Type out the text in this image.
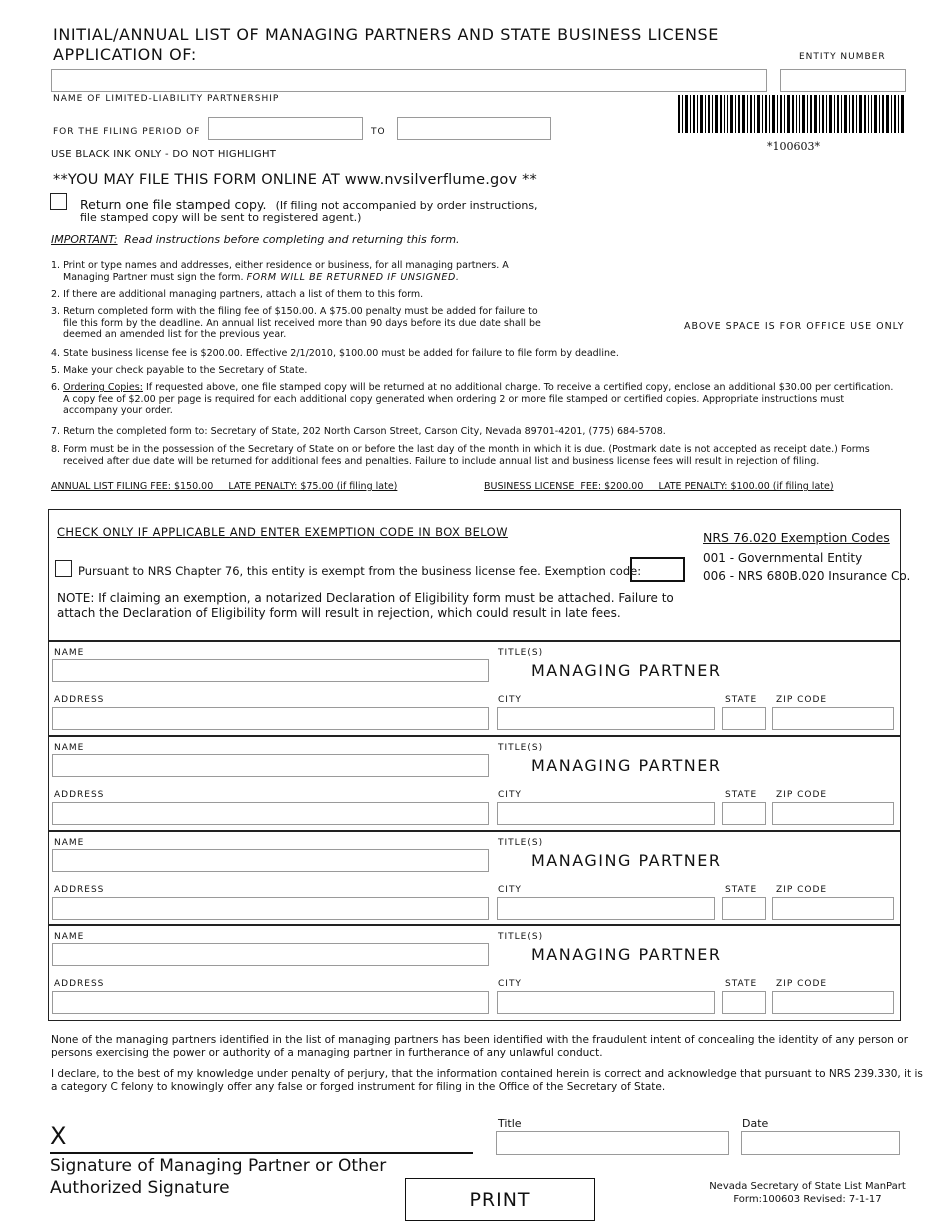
INITIAL/ANNUAL LIST OF MANAGING PARTNERS AND STATE BUSINESS LICENSE
APPLICATION OF:	ENTITY NUMBER
NAME OF LIMITED-LIABILITY PARTNERSHIP
FOR THE FILING PERIOD OF	TO
*100603*
USE BLACK INK ONLY - DO NOT HIGHLIGHT
**YOU MAY FILE THIS FORM ONLINE AT www.nvsilverflume.gov **
Return one file stamped copy. (If filing not accompanied by order instructions,
file stamped copy will be sent to registered agent.)
IMPORTANT: Read instructions before completing and returning this form.
ABOVE SPACE IS FOR OFFICE USE ONLY
1. Print or type names and addresses, either residence or business, for all managing partners. A
Managing Partner must sign the form. FORM WILL BE RETURNED IF UNSIGNED.
2. If there are additional managing partners, attach a list of them to this form.
3. Return completed form with the filing fee of $150.00. A $75.00 penalty must be added for failure to
file this form by the deadline. An annual list received more than 90 days before its due date shall be
deemed an amended list for the previous year.
4. State business license fee is $200.00. Effective 2/1/2010, $100.00 must be added for failure to file form by deadline.
5. Make your check payable to the Secretary of State.
6. Ordering Copies: If requested above, one file stamped copy will be returned at no additional charge. To receive a certified copy, enclose an additional $30.00 per certification.
A copy fee of $2.00 per page is required for each additional copy generated when ordering 2 or more file stamped or certified copies. Appropriate instructions must
accompany your order.
7. Return the completed form to: Secretary of State, 202 North Carson Street, Carson City, Nevada 89701-4201, (775) 684-5708.
8. Form must be in the possession of the Secretary of State on or before the last day of the month in which it is due. (Postmark date is not accepted as receipt date.) Forms
received after due date will be returned for additional fees and penalties. Failure to include annual list and business license fees will result in rejection of filing.
ANNUAL LIST FILING FEE: $150.00     LATE PENALTY: $75.00 (if filing late)	BUSINESS LICENSE  FEE: $200.00     LATE PENALTY: $100.00 (if filing late)
CHECK ONLY IF APPLICABLE AND ENTER EXEMPTION CODE IN BOX BELOW
Pursuant to NRS Chapter 76, this entity is exempt from the business license fee. Exemption code:
NOTE: If claiming an exemption, a notarized Declaration of Eligibility form must be attached. Failure to
attach the Declaration of Eligibility form will result in rejection, which could result in late fees.
NRS 76.020 Exemption Codes
001 - Governmental Entity
006 - NRS 680B.020 Insurance Co.
NAME	TITLE(S)
MANAGING PARTNER
ADDRESS	CITY	STATE ZIP CODE
NAME	TITLE(S)
MANAGING PARTNER
ADDRESS	CITY	STATE ZIP CODE
NAME	TITLE(S)
MANAGING PARTNER
ADDRESS	CITY	STATE ZIP CODE
NAME	TITLE(S)
MANAGING PARTNER
ADDRESS	CITY	STATE ZIP CODE
None of the managing partners identified in the list of managing partners has been identified with the fraudulent intent of concealing the identity of any person or
persons exercising the power or authority of a managing partner in furtherance of any unlawful conduct.
I declare, to the best of my knowledge under penalty of perjury, that the information contained herein is correct and acknowledge that pursuant to NRS 239.330, it is
a category C felony to knowingly offer any false or forged instrument for filing in the Office of the Secretary of State.
X
Signature of Managing Partner or Other
Authorized Signature
Title	Date
PRINT
Nevada Secretary of State List ManPart
Form:100603 Revised: 7-1-17
